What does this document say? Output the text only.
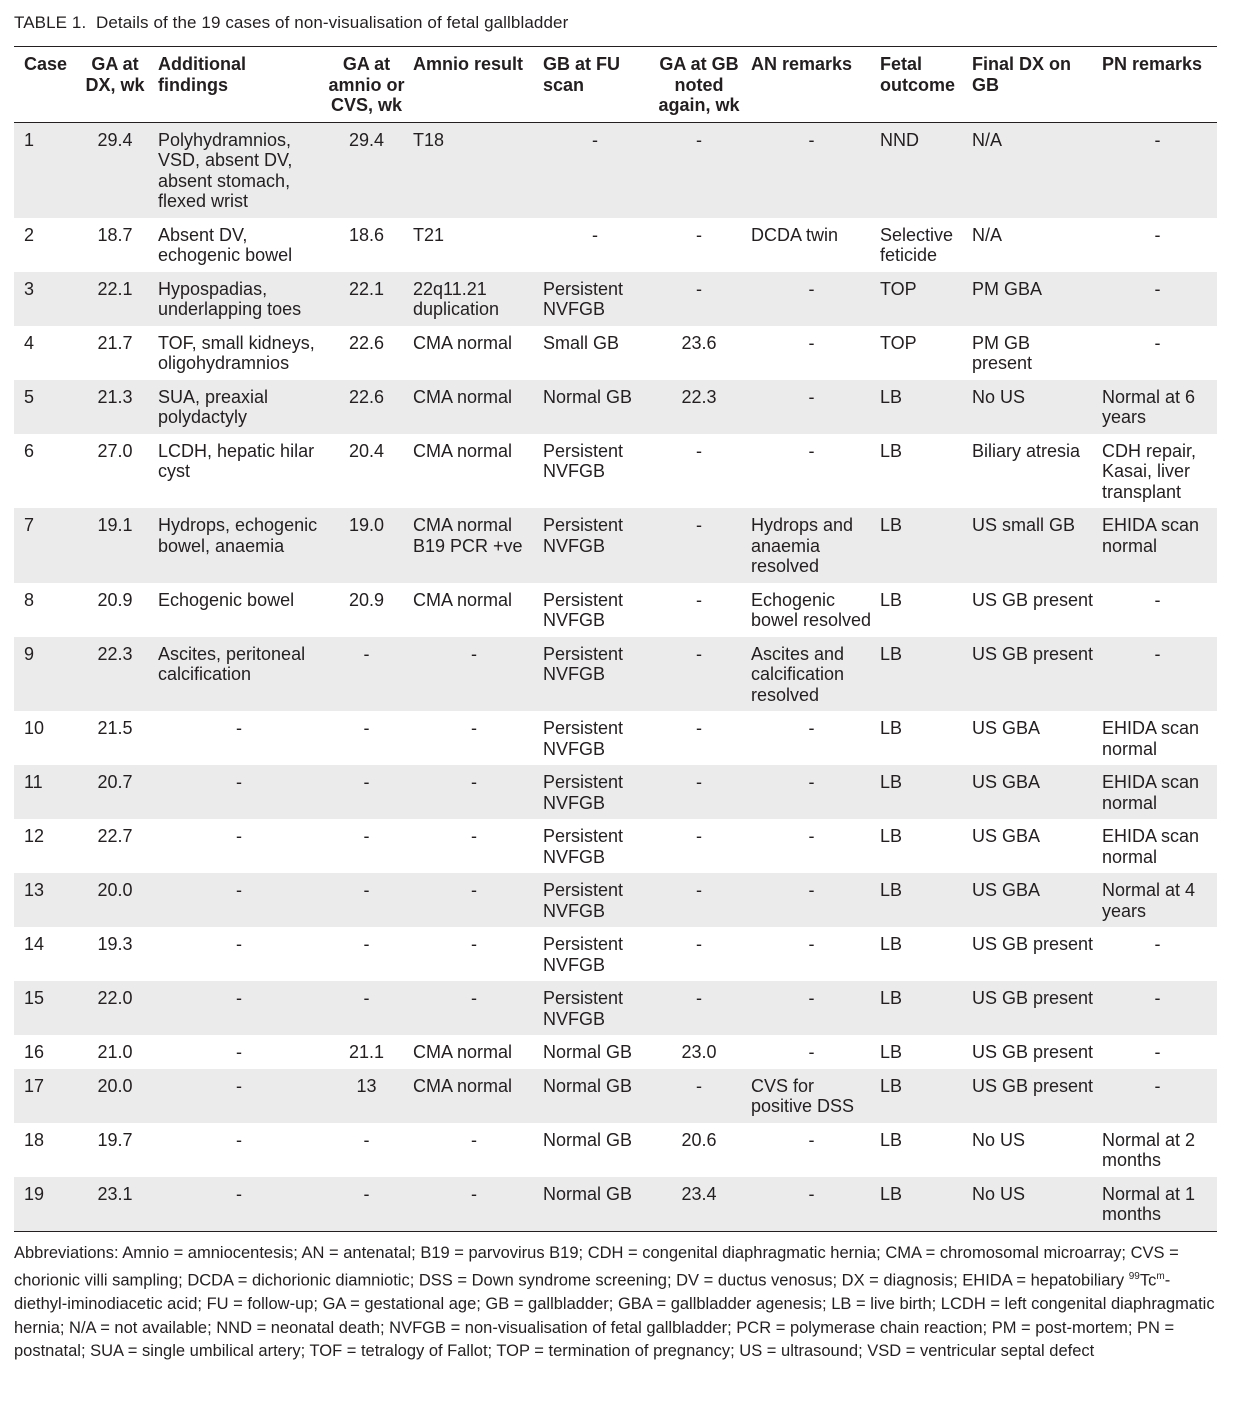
TABLE 1. Details of the 19 cases of non-visualisation of fetal gallbladder
Case	GA at DX, wk	Additional findings	GA at amnio or CVS, wk	Amnio result	GB at FU scan	GA at GB noted again, wk	AN remarks	Fetal outcome	Final DX on GB	PN remarks
1	29.4	Polyhydramnios, VSD, absent DV, absent stomach, flexed wrist	29.4	T18	-	-	-	NND	N/A	-
2	18.7	Absent DV, echogenic bowel	18.6	T21	-	-	DCDA twin	Selective feticide	N/A	-
3	22.1	Hypospadias, underlapping toes	22.1	22q11.21 duplication	Persistent NVFGB	-	-	TOP	PM GBA	-
4	21.7	TOF, small kidneys, oligohydramnios	22.6	CMA normal	Small GB	23.6	-	TOP	PM GB present	-
5	21.3	SUA, preaxial polydactyly	22.6	CMA normal	Normal GB	22.3	-	LB	No US	Normal at 6 years
6	27.0	LCDH, hepatic hilar cyst	20.4	CMA normal	Persistent NVFGB	-	-	LB	Biliary atresia	CDH repair, Kasai, liver transplant
7	19.1	Hydrops, echogenic bowel, anaemia	19.0	CMA normal B19 PCR +ve	Persistent NVFGB	-	Hydrops and anaemia resolved	LB	US small GB	EHIDA scan normal
8	20.9	Echogenic bowel	20.9	CMA normal	Persistent NVFGB	-	Echogenic bowel resolved	LB	US GB present	-
9	22.3	Ascites, peritoneal calcification	-	-	Persistent NVFGB	-	Ascites and calcification resolved	LB	US GB present	-
10	21.5	-	-	-	Persistent NVFGB	-	-	LB	US GBA	EHIDA scan normal
11	20.7	-	-	-	Persistent NVFGB	-	-	LB	US GBA	EHIDA scan normal
12	22.7	-	-	-	Persistent NVFGB	-	-	LB	US GBA	EHIDA scan normal
13	20.0	-	-	-	Persistent NVFGB	-	-	LB	US GBA	Normal at 4 years
14	19.3	-	-	-	Persistent NVFGB	-	-	LB	US GB present	-
15	22.0	-	-	-	Persistent NVFGB	-	-	LB	US GB present	-
16	21.0	-	21.1	CMA normal	Normal GB	23.0	-	LB	US GB present	-
17	20.0	-	13	CMA normal	Normal GB	-	CVS for positive DSS	LB	US GB present	-
18	19.7	-	-	-	Normal GB	20.6	-	LB	No US	Normal at 2 months
19	23.1	-	-	-	Normal GB	23.4	-	LB	No US	Normal at 1 months
Abbreviations: Amnio = amniocentesis; AN = antenatal; B19 = parvovirus B19; CDH = congenital diaphragmatic hernia; CMA = chromosomal microarray; CVS = chorionic villi sampling; DCDA = dichorionic diamniotic; DSS = Down syndrome screening; DV = ductus venosus; DX = diagnosis; EHIDA = hepatobiliary $^{99}$Tc$^m$-diethyl-iminodiacetic acid; FU = follow-up; GA = gestational age; GB = gallbladder; GBA = gallbladder agenesis; LB = live birth; LCDH = left congenital diaphragmatic hernia; N/A = not available; NND = neonatal death; NVFGB = non-visualisation of fetal gallbladder; PCR = polymerase chain reaction; PM = post-mortem; PN = postnatal; SUA = single umbilical artery; TOF = tetralogy of Fallot; TOP = termination of pregnancy; US = ultrasound; VSD = ventricular septal defect
